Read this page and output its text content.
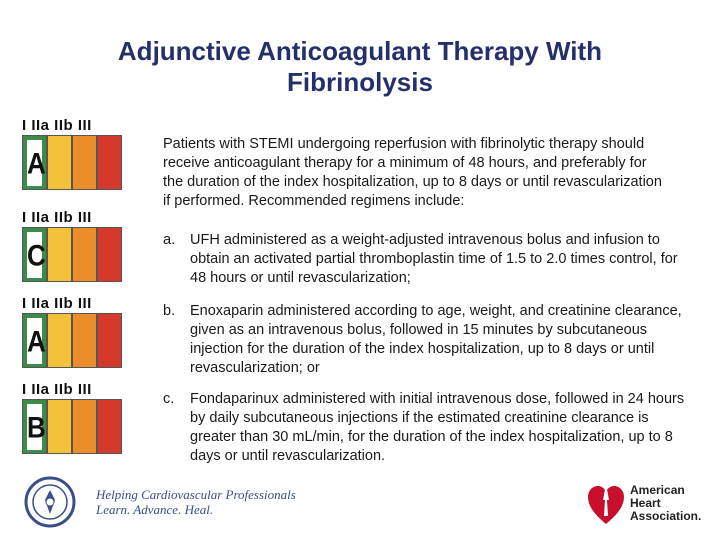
Adjunctive Anticoagulant Therapy With Fibrinolysis
I IIa IIb III
A
I IIa IIb III
C
I IIa IIb III
A
I IIa IIb III
B
Patients with STEMI undergoing reperfusion with fibrinolytic therapy should receive anticoagulant therapy for a minimum of 48 hours, and preferably for the duration of the index hospitalization, up to 8 days or until revascularization if performed. Recommended regimens include:
a. UFH administered as a weight-adjusted intravenous bolus and infusion to obtain an activated partial thromboplastin time of 1.5 to 2.0 times control, for 48 hours or until revascularization;
b. Enoxaparin administered according to age, weight, and creatinine clearance, given as an intravenous bolus, followed in 15 minutes by subcutaneous injection for the duration of the index hospitalization, up to 8 days or until revascularization; or
c. Fondaparinux administered with initial intravenous dose, followed in 24 hours by daily subcutaneous injections if the estimated creatinine clearance is greater than 30 mL/min, for the duration of the index hospitalization, up to 8 days or until revascularization.
Helping Cardiovascular Professionals
Learn. Advance. Heal.
American
Heart
Association.
